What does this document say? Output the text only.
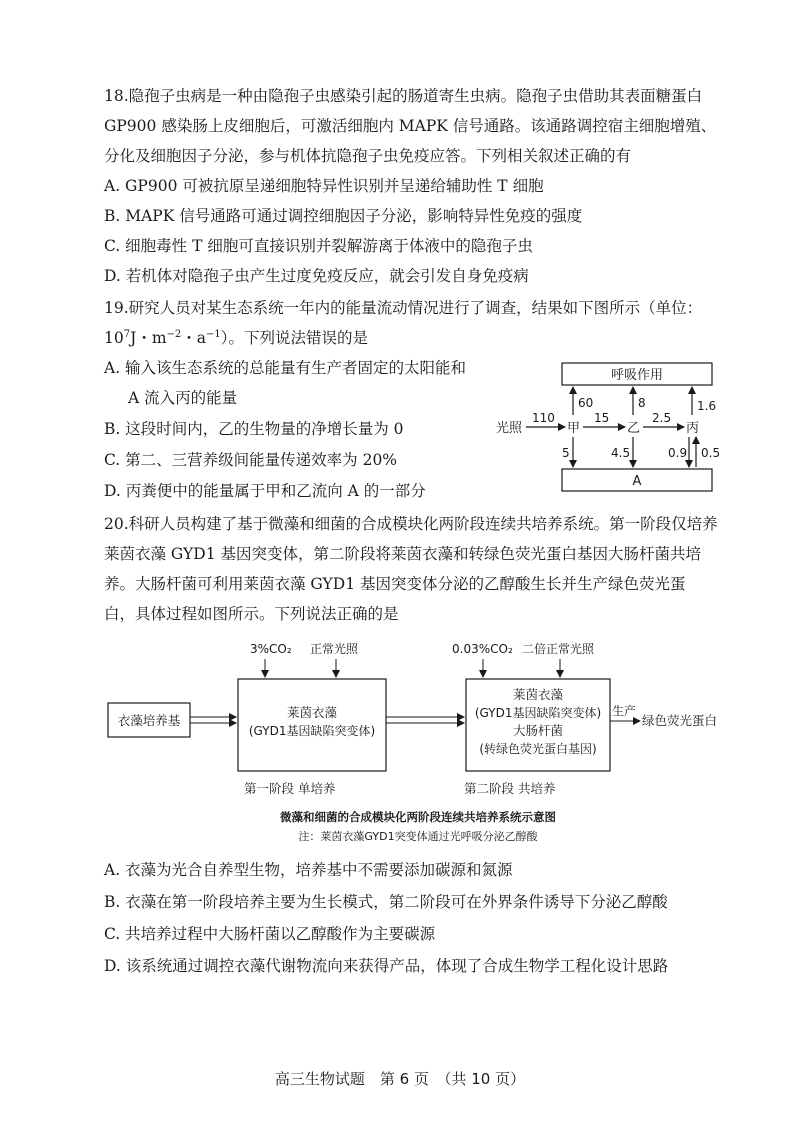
18.隐孢子虫病是一种由隐孢子虫感染引起的肠道寄生虫病。隐孢子虫借助其表面糖蛋白
GP900 感染肠上皮细胞后，可激活细胞内 MAPK 信号通路。该通路调控宿主细胞增殖、
分化及细胞因子分泌，参与机体抗隐孢子虫免疫应答。下列相关叙述正确的有
A. GP900 可被抗原呈递细胞特异性识别并呈递给辅助性 T 细胞
B. MAPK 信号通路可通过调控细胞因子分泌，影响特异性免疫的强度
C. 细胞毒性 T 细胞可直接识别并裂解游离于体液中的隐孢子虫
D. 若机体对隐孢子虫产生过度免疫反应，就会引发自身免疫病
19.研究人员对某生态系统一年内的能量流动情况进行了调查，结果如下图所示（单位：
$10^7J$・$m^{-2}$・$a^{-1}$）。下列说法错误的是
A. 输入该生态系统的总能量有生产者固定的太阳能和
A 流入丙的能量
B. 这段时间内，乙的生物量的净增长量为 0
C. 第二、三营养级间能量传递效率为 20%
D. 丙粪便中的能量属于甲和乙流向 A 的一部分
呼吸作用
A
光照	甲	乙	丙
110	15	2.5
60	8	1.6
5	4.5	0.9 0.5
20.科研人员构建了基于微藻和细菌的合成模块化两阶段连续共培养系统。第一阶段仅培养
莱茵衣藻 GYD1 基因突变体，第二阶段将莱茵衣藻和转绿色荧光蛋白基因大肠杆菌共培
养。大肠杆菌可利用莱茵衣藻 GYD1 基因突变体分泌的乙醇酸生长并生产绿色荧光蛋
白，具体过程如图所示。下列说法正确的是
衣藻培养基
莱茵衣藻
(GYD1基因缺陷突变体)
3%CO₂ 正常光照
第一阶段 单培养
莱茵衣藻
(GYD1基因缺陷突变体)
大肠杆菌
(转绿色荧光蛋白基因)
0.03%CO₂ 二倍正常光照
第二阶段 共培养
生产
绿色荧光蛋白
微藻和细菌的合成模块化两阶段连续共培养系统示意图
注：莱茵衣藻GYD1突变体通过光呼吸分泌乙醇酸
A. 衣藻为光合自养型生物，培养基中不需要添加碳源和氮源
B. 衣藻在第一阶段培养主要为生长模式，第二阶段可在外界条件诱导下分泌乙醇酸
C. 共培养过程中大肠杆菌以乙醇酸作为主要碳源
D. 该系统通过调控衣藻代谢物流向来获得产品，体现了合成生物学工程化设计思路
高三生物试题　第 6 页　（共 10 页）
